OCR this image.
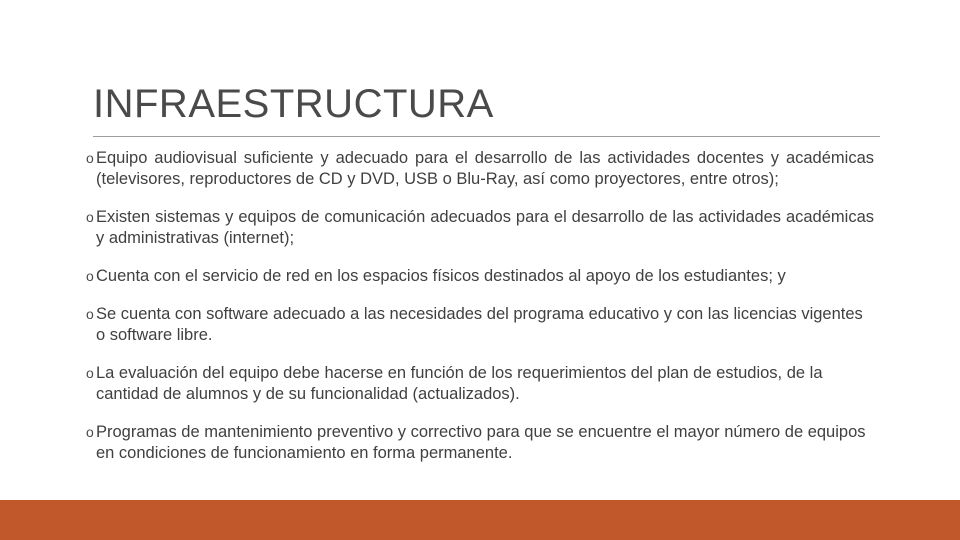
INFRAESTRUCTURA
o Equipo audiovisual suficiente y adecuado para el desarrollo de las actividades docentes y académicas (televisores, reproductores de CD y DVD, USB o Blu-Ray, así como proyectores, entre otros);
o Existen sistemas y equipos de comunicación adecuados para el desarrollo de las actividades académicas y administrativas (internet);
o Cuenta con el servicio de red en los espacios físicos destinados al apoyo de los estudiantes; y
o Se cuenta con software adecuado a las necesidades del programa educativo y con las licencias vigentes o software libre.
o La evaluación del equipo debe hacerse en función de los requerimientos del plan de estudios, de la cantidad de alumnos y de su funcionalidad (actualizados).
o Programas de mantenimiento preventivo y correctivo para que se encuentre el mayor número de equipos en condiciones de funcionamiento en forma permanente.
